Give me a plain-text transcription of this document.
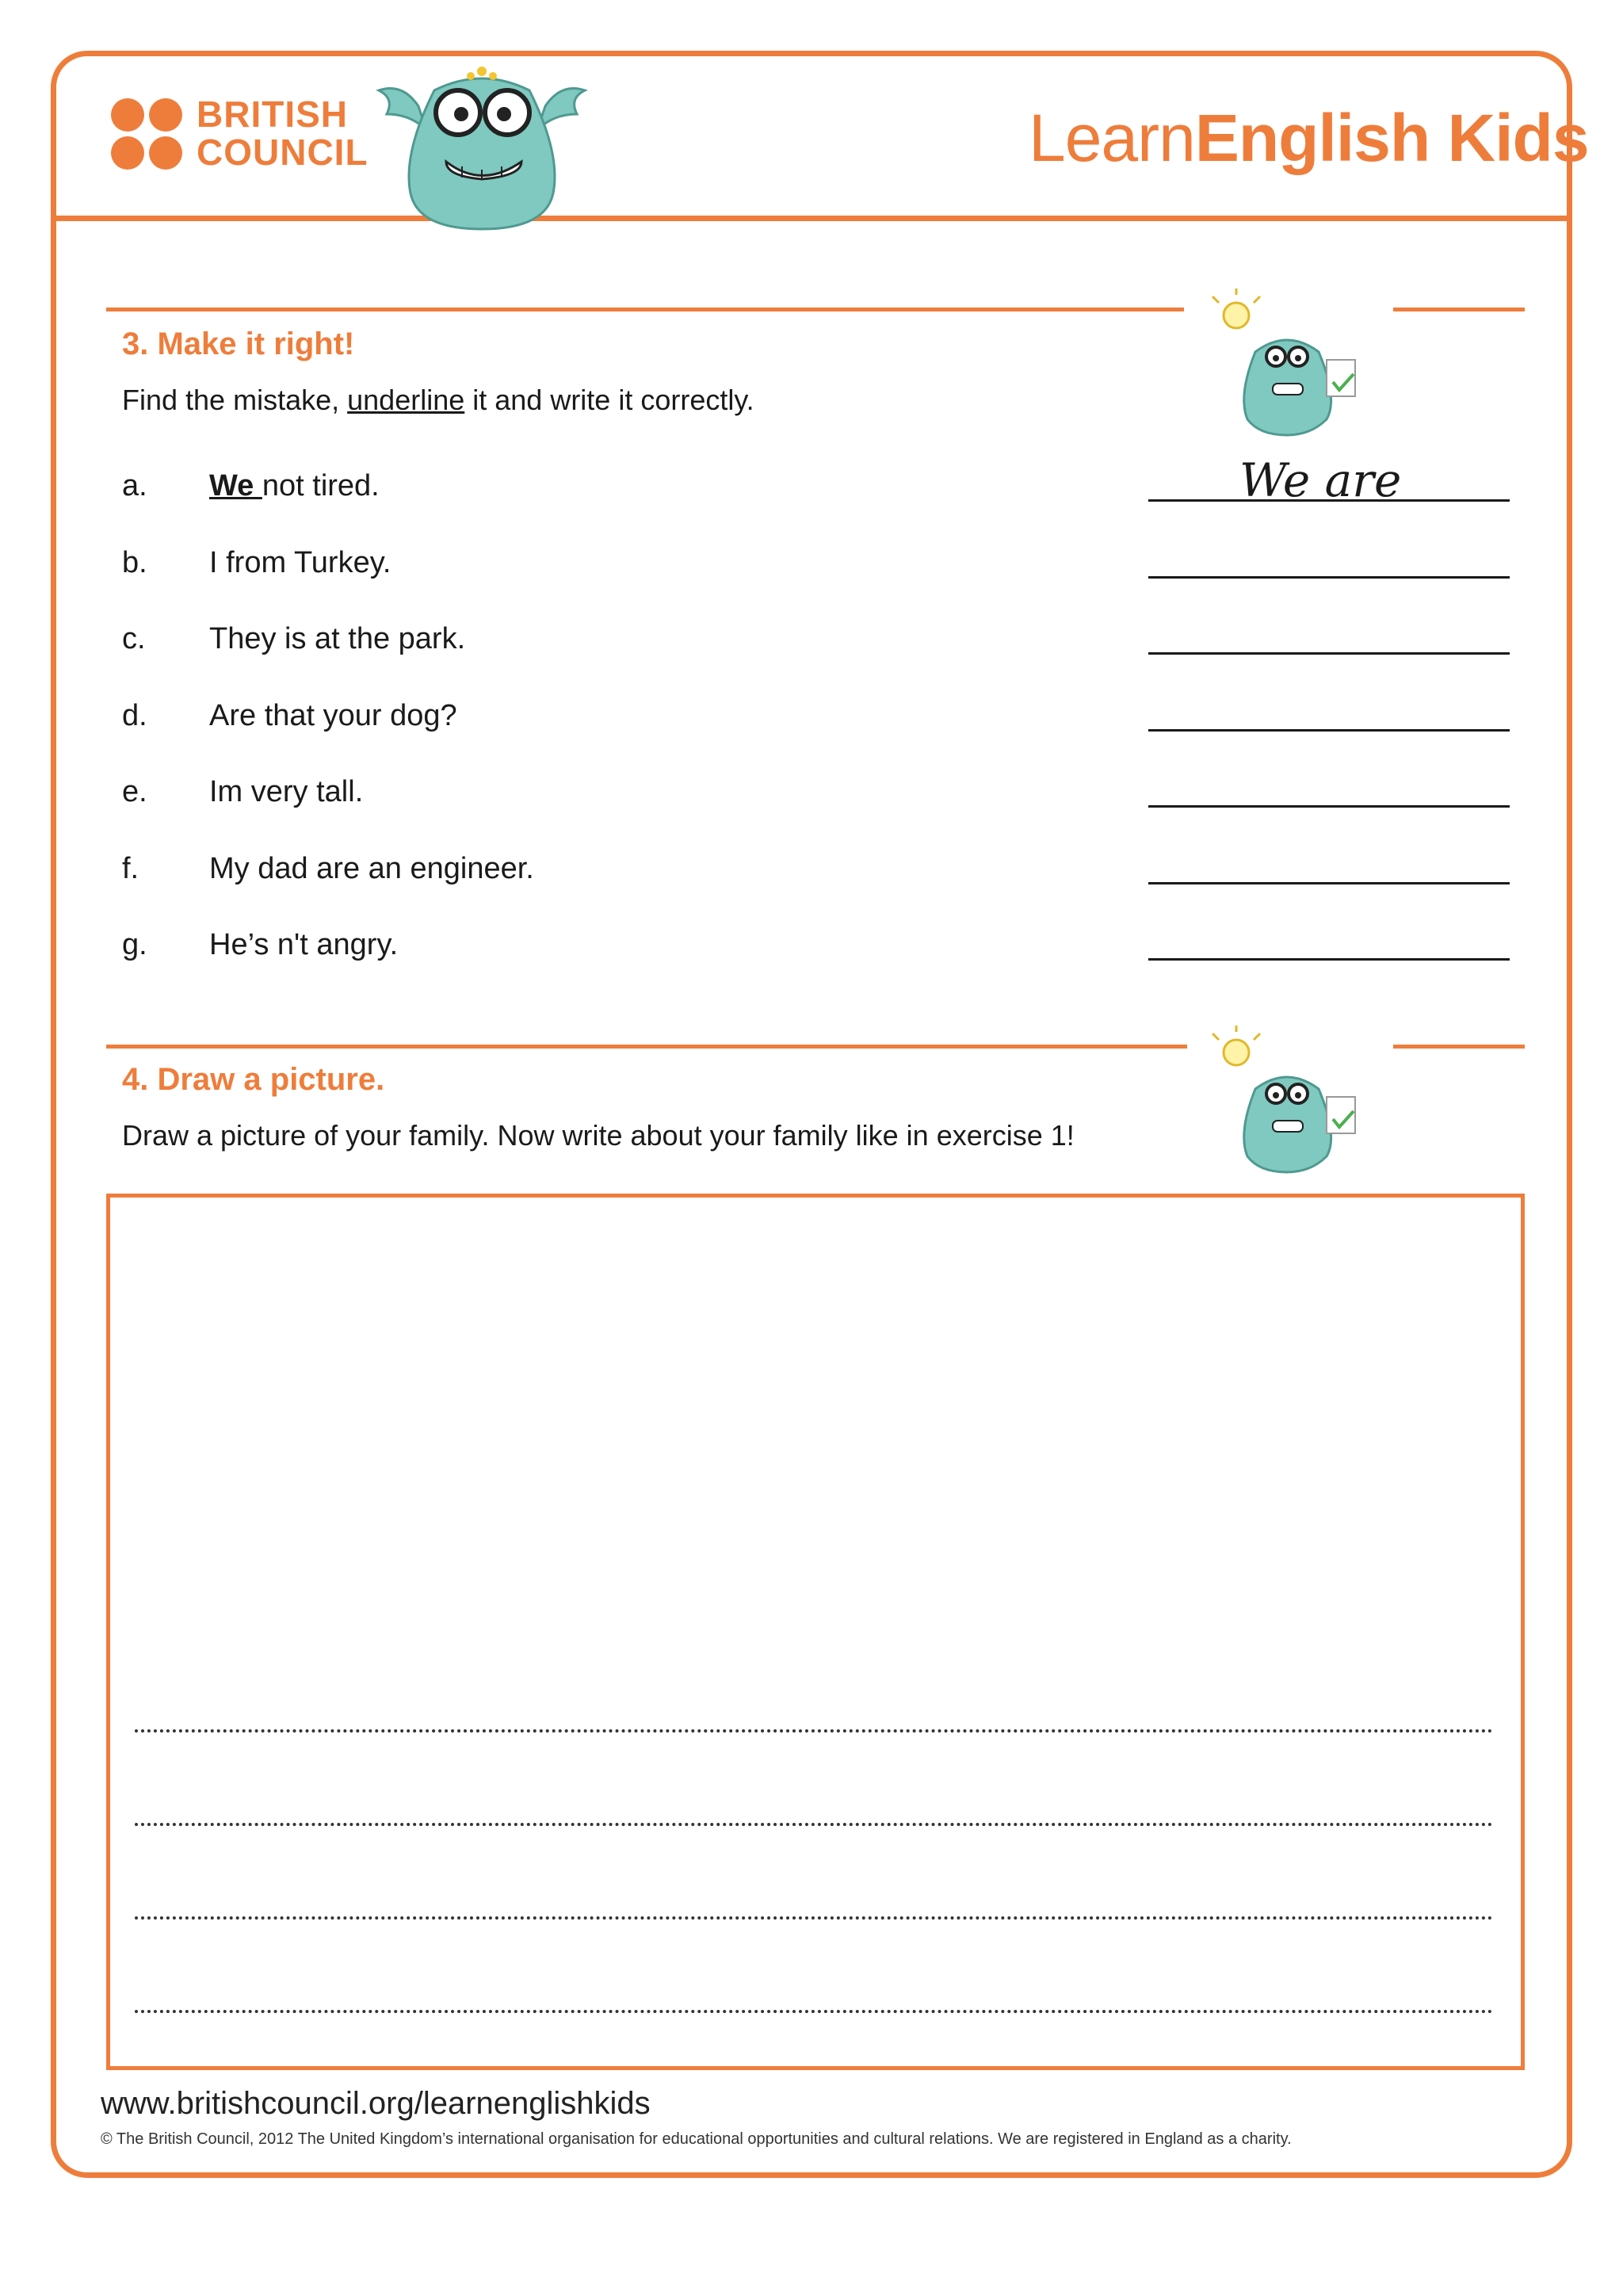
BRITISH
COUNCIL	LearnEnglish Kids
3. Make it right!
Find the mistake, underline it and write it correctly.
a. We not tired.	We are
b. I from Turkey.
c. They is at the park.
d. Are that your dog?
e. Im very tall.
f. My dad are an engineer.
g. He’s n't angry.
4. Draw a picture.
Draw a picture of your family. Now write about your family like in exercise 1!
www.britishcouncil.org/learnenglishkids
© The British Council, 2012 The United Kingdom’s international organisation for educational opportunities and cultural relations. We are registered in England as a charity.
